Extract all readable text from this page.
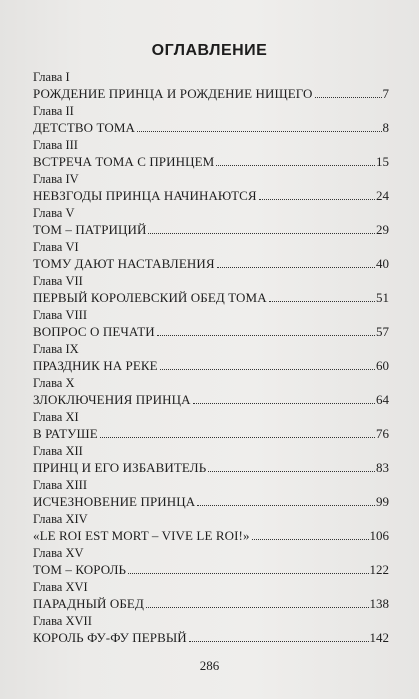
ОГЛАВЛЕНИЕ
Глава I
РОЖДЕНИЕ ПРИНЦА И РОЖДЕНИЕ НИЩЕГО	7
Глава II
ДЕТСТВО ТОМА	8
Глава III
ВСТРЕЧА ТОМА С ПРИНЦЕМ	15
Глава IV
НЕВЗГОДЫ ПРИНЦА НАЧИНАЮТСЯ	24
Глава V
ТОМ – ПАТРИЦИЙ	29
Глава VI
ТОМУ ДАЮТ НАСТАВЛЕНИЯ	40
Глава VII
ПЕРВЫЙ КОРОЛЕВСКИЙ ОБЕД ТОМА	51
Глава VIII
ВОПРОС О ПЕЧАТИ	57
Глава IX
ПРАЗДНИК НА РЕКЕ	60
Глава X
ЗЛОКЛЮЧЕНИЯ ПРИНЦА	64
Глава XI
В РАТУШЕ	76
Глава XII
ПРИНЦ И ЕГО ИЗБАВИТЕЛЬ	83
Глава XIII
ИСЧЕЗНОВЕНИЕ ПРИНЦА	99
Глава XIV
«LE ROI EST MORT – VIVE LE ROI!»	106
Глава XV
ТОМ – КОРОЛЬ	122
Глава XVI
ПАРАДНЫЙ ОБЕД	138
Глава XVII
КОРОЛЬ ФУ-ФУ ПЕРВЫЙ	142
286
